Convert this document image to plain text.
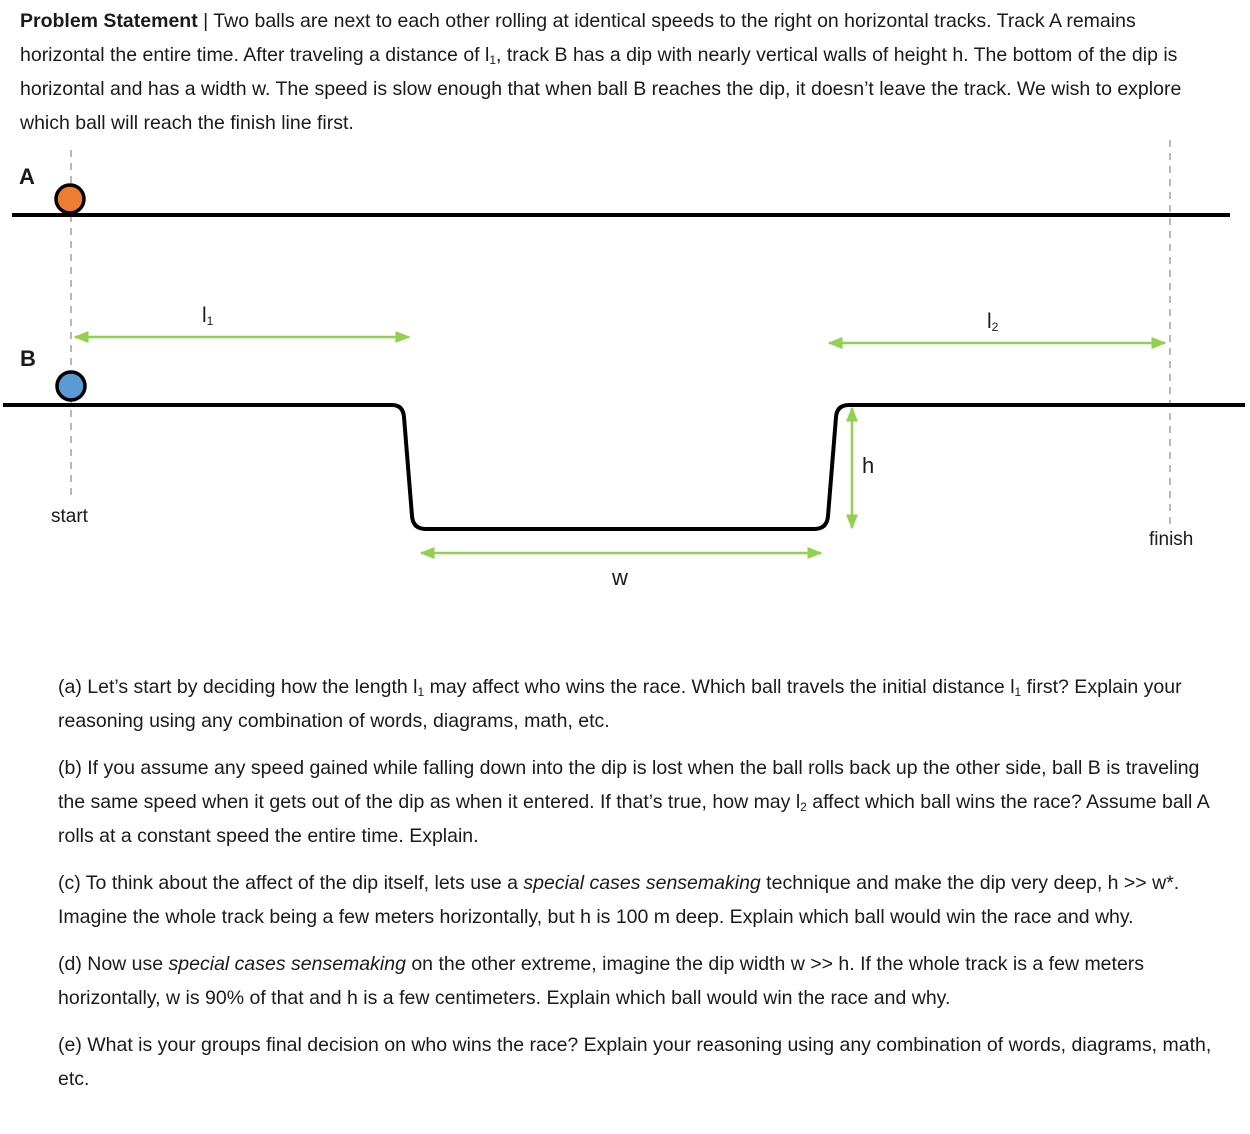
Problem Statement | Two balls are next to each other rolling at identical speeds to the right on horizontal tracks. Track A remains horizontal the entire time. After traveling a distance of $l_1$, track B has a dip with nearly vertical walls of height h. The bottom of the dip is horizontal and has a width w. The speed is slow enough that when ball B reaches the dip, it doesn’t leave the track. We wish to explore which ball will reach the finish line first.
A
B
start
finish
$l_1$	$l_2$
h
w

(a) Let’s start by deciding how the length $l_1$ may affect who wins the race. Which ball travels the initial distance $l_1$ first? Explain your reasoning using any combination of words, diagrams, math, etc.

(b) If you assume any speed gained while falling down into the dip is lost when the ball rolls back up the other side, ball B is traveling the same speed when it gets out of the dip as when it entered. If that’s true, how may $l_2$ affect which ball wins the race? Assume ball A rolls at a constant speed the entire time. Explain.

(c) To think about the affect of the dip itself, lets use a special cases sensemaking technique and make the dip very deep, h >> w*. Imagine the whole track being a few meters horizontally, but h is 100 m deep. Explain which ball would win the race and why.

(d) Now use special cases sensemaking on the other extreme, imagine the dip width w >> h. If the whole track is a few meters horizontally, w is 90% of that and h is a few centimeters. Explain which ball would win the race and why.

(e) What is your groups final decision on who wins the race? Explain your reasoning using any combination of words, diagrams, math, etc.
